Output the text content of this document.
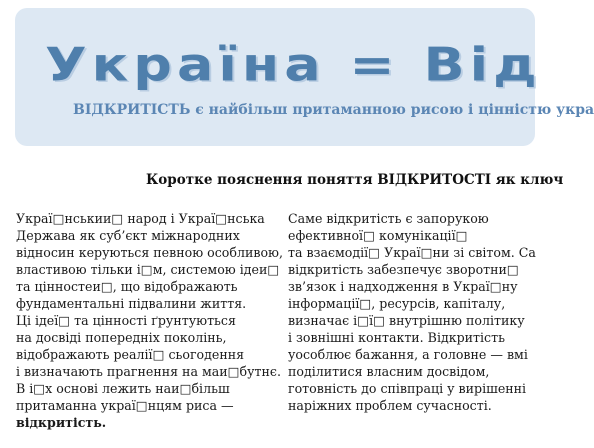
Україна = Від
ВІДКРИТІСТЬ є найбільш притаманною рисою і цінністю укра
Коротке пояснення поняття ВІДКРИТОСТІ як ключ
Украї□нськии□ народ і Украї□нська
Держава як суб’єкт міжнародних
відносин керуються певною особливою,
властивою тільки і□м, системою ідеи□
та цінностеи□, що відображають
фундаментальні підвалини життя.
Ці ідеї□ та цінності ґрунтуються
на досвіді попередніх поколінь,
відображають реалії□ сьогодення
і визначають прагнення на маи□бутнє.
В і□х основі лежить наи□більш
притаманна украї□нцям риса —
відкритість.
Саме відкритість є запорукою
ефективної□ комунікації□
та взаємодії□ Украї□ни зі світом. Са
відкритість забезпечує зворотни□
зв’язок і надходження в Украї□ну
інформації□, ресурсів, капіталу,
визначає і□ї□ внутрішню політику
і зовнішні контакти. Відкритість
уособлює бажання, а головне — вмі
поділитися власним досвідом,
готовність до співпраці у вирішенні
наріжних проблем сучасності.
